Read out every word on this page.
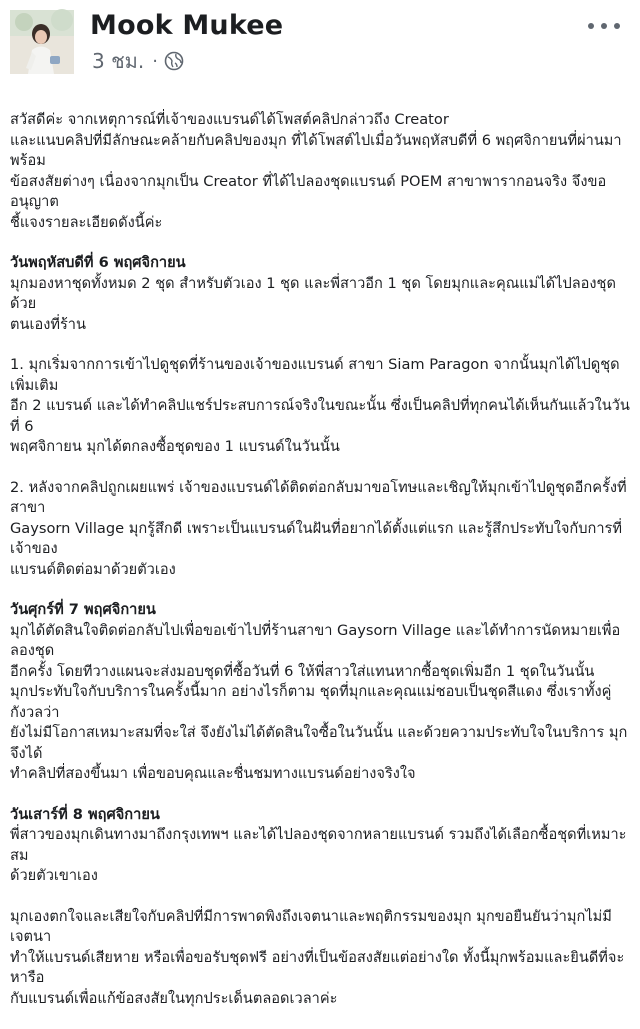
Mook Mukee
3 ชม. ·

สวัสดีค่ะ จากเหตุการณ์ที่เจ้าของแบรนด์ได้โพสต์คลิปกล่าวถึง Creator
และแนบคลิปที่มีลักษณะคล้ายกับคลิปของมุก ที่ได้โพสต์ไปเมื่อวันพฤหัสบดีที่ 6 พฤศจิกายนที่ผ่านมา พร้อม
ข้อสงสัยต่างๆ เนื่องจากมุกเป็น Creator ที่ได้ไปลองชุดแบรนด์ POEM สาขาพารากอนจริง จึงขออนุญาต
ชี้แจงรายละเอียดดังนี้ค่ะ

วันพฤหัสบดีที่ 6 พฤศจิกายน
มุกมองหาชุดทั้งหมด 2 ชุด สำหรับตัวเอง 1 ชุด และพี่สาวอีก 1 ชุด โดยมุกและคุณแม่ได้ไปลองชุดด้วย
ตนเองที่ร้าน

1. มุกเริ่มจากการเข้าไปดูชุดที่ร้านของเจ้าของแบรนด์ สาขา Siam Paragon จากนั้นมุกได้ไปดูชุดเพิ่มเติม
อีก 2 แบรนด์ และได้ทำคลิปแชร์ประสบการณ์จริงในขณะนั้น ซึ่งเป็นคลิปที่ทุกคนได้เห็นกันแล้วในวันที่ 6
พฤศจิกายน มุกได้ตกลงซื้อชุดของ 1 แบรนด์ในวันนั้น

2. หลังจากคลิปถูกเผยแพร่ เจ้าของแบรนด์ได้ติดต่อกลับมาขอโทษและเชิญให้มุกเข้าไปดูชุดอีกครั้งที่สาขา
Gaysorn Village มุกรู้สึกดี เพราะเป็นแบรนด์ในฝันที่อยากได้ตั้งแต่แรก และรู้สึกประทับใจกับการที่เจ้าของ
แบรนด์ติดต่อมาด้วยตัวเอง

วันศุกร์ที่ 7 พฤศจิกายน
มุกได้ตัดสินใจติดต่อกลับไปเพื่อขอเข้าไปที่ร้านสาขา Gaysorn Village และได้ทำการนัดหมายเพื่อลองชุด
อีกครั้ง โดยทีวางแผนจะส่งมอบชุดที่ซื้อวันที่ 6 ให้พี่สาวใส่แทนหากซื้อชุดเพิ่มอีก 1 ชุดในวันนั้น
มุกประทับใจกับบริการในครั้งนี้มาก อย่างไรก็ตาม ชุดที่มุกและคุณแม่ชอบเป็นชุดสีแดง ซึ่งเราทั้งคู่กังวลว่า
ยังไม่มีโอกาสเหมาะสมที่จะใส่ จึงยังไม่ได้ตัดสินใจซื้อในวันนั้น และด้วยความประทับใจในบริการ มุกจึงได้
ทำคลิปที่สองขึ้นมา เพื่อขอบคุณและชื่นชมทางแบรนด์อย่างจริงใจ

วันเสาร์ที่ 8 พฤศจิกายน
พี่สาวของมุกเดินทางมาถึงกรุงเทพฯ และได้ไปลองชุดจากหลายแบรนด์ รวมถึงได้เลือกซื้อชุดที่เหมาะสม
ด้วยตัวเขาเอง

มุกเองตกใจและเสียใจกับคลิปที่มีการพาดพิงถึงเจตนาและพฤติกรรมของมุก มุกขอยืนยันว่ามุกไม่มีเจตนา
ทำให้แบรนด์เสียหาย หรือเพื่อขอรับชุดฟรี อย่างที่เป็นข้อสงสัยแต่อย่างใด ทั้งนี้มุกพร้อมและยินดีที่จะหารือ
กับแบรนด์เพื่อแก้ข้อสงสัยในทุกประเด็นตลอดเวลาค่ะ
